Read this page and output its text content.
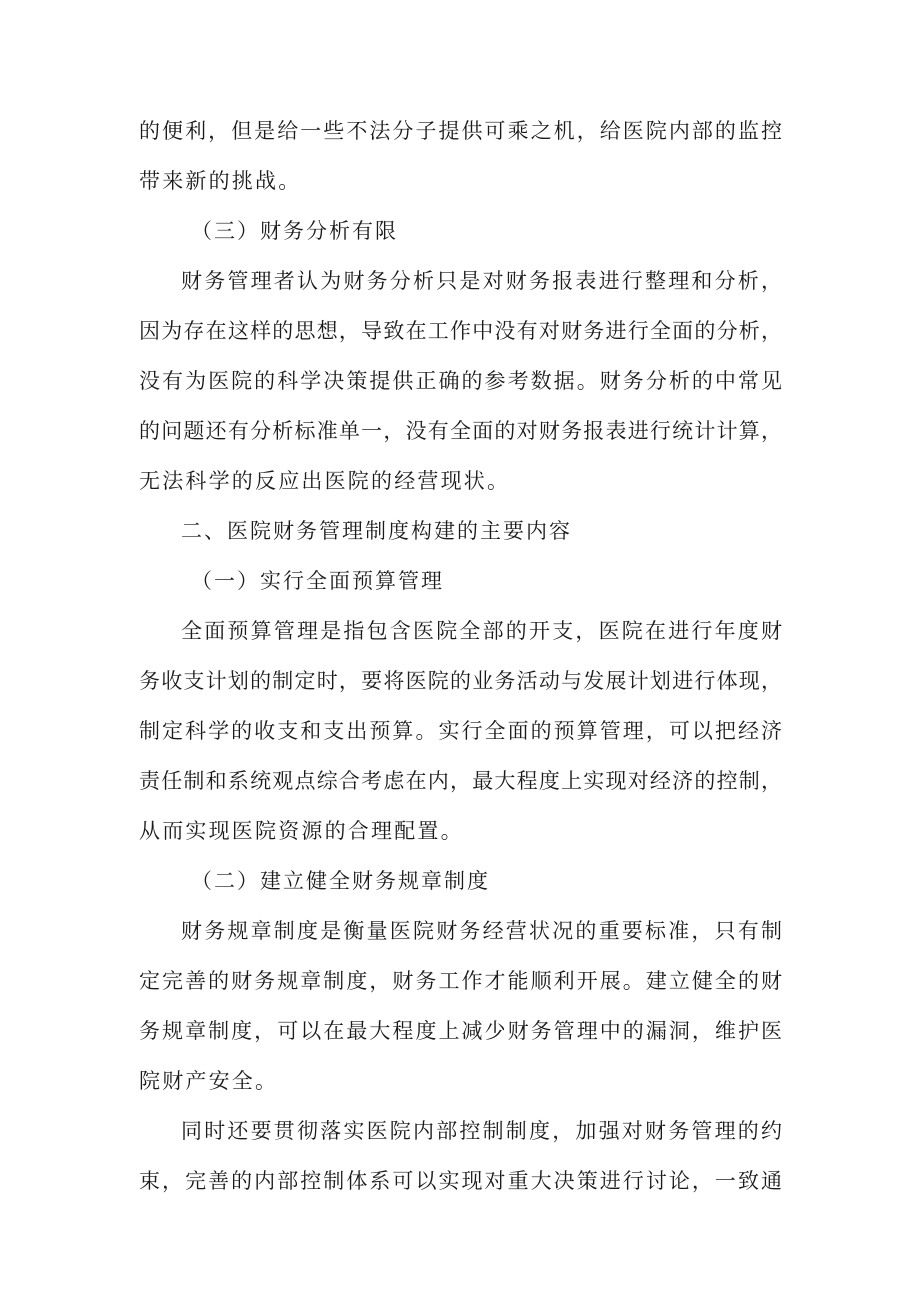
的便利，但是给一些不法分子提供可乘之机，给医院内部的监控
带来新的挑战。
（三）财务分析有限
财务管理者认为财务分析只是对财务报表进行整理和分析，
因为存在这样的思想，导致在工作中没有对财务进行全面的分析，
没有为医院的科学决策提供正确的参考数据。财务分析的中常见
的问题还有分析标准单一，没有全面的对财务报表进行统计计算，
无法科学的反应出医院的经营现状。
二、医院财务管理制度构建的主要内容
（一）实行全面预算管理
全面预算管理是指包含医院全部的开支，医院在进行年度财
务收支计划的制定时，要将医院的业务活动与发展计划进行体现，
制定科学的收支和支出预算。实行全面的预算管理，可以把经济
责任制和系统观点综合考虑在内，最大程度上实现对经济的控制，
从而实现医院资源的合理配置。
（二）建立健全财务规章制度
财务规章制度是衡量医院财务经营状况的重要标准，只有制
定完善的财务规章制度，财务工作才能顺利开展。建立健全的财
务规章制度，可以在最大程度上减少财务管理中的漏洞，维护医
院财产安全。
同时还要贯彻落实医院内部控制制度，加强对财务管理的约
束，完善的内部控制体系可以实现对重大决策进行讨论，一致通
